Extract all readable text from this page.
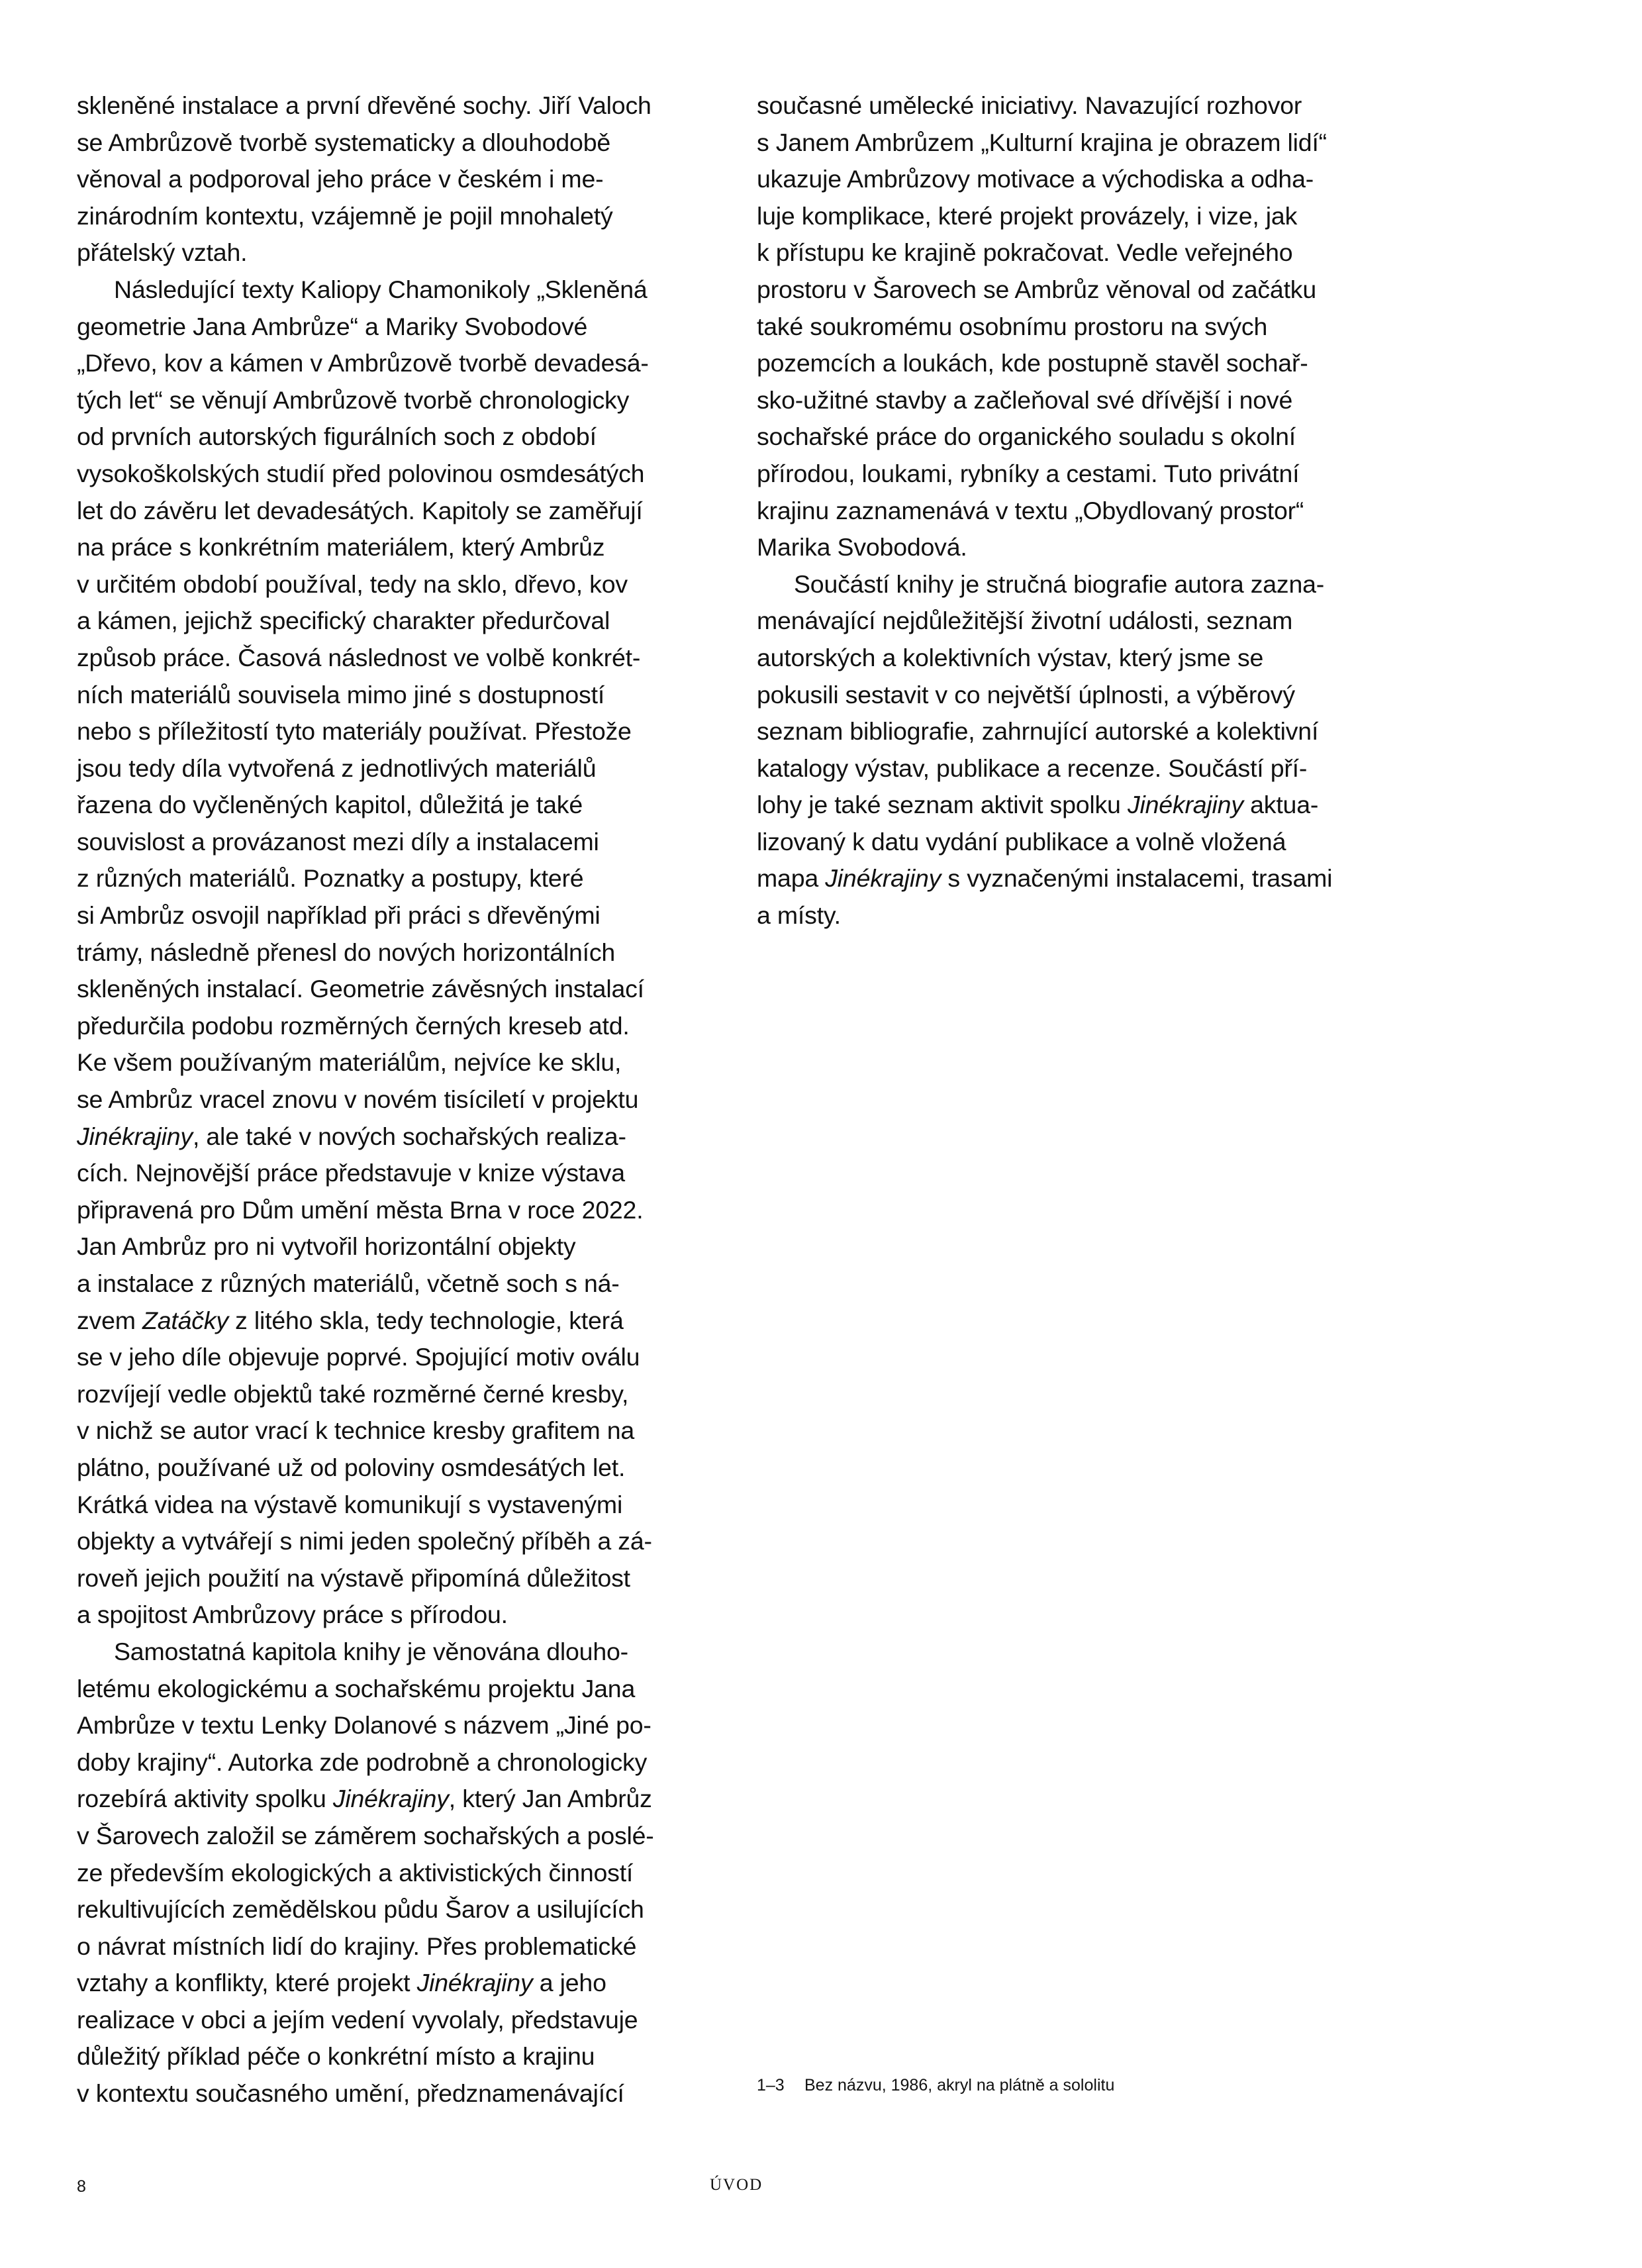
skleněné instalace a první dřevěné sochy. Jiří Valoch
se Ambrůzově tvorbě systematicky a dlouhodobě
věnoval a podporoval jeho práce v českém i me-
zinárodním kontextu, vzájemně je pojil mnohaletý
přátelský vztah.
Následující texty Kaliopy Chamonikoly „Skleněná
geometrie Jana Ambrůze“ a Mariky Svobodové
„Dřevo, kov a kámen v Ambrůzově tvorbě devadesá-
tých let“ se věnují Ambrůzově tvorbě chronologicky
od prvních autorských figurálních soch z období
vysokoškolských studií před polovinou osmdesátých
let do závěru let devadesátých. Kapitoly se zaměřují
na práce s konkrétním materiálem, který Ambrůz
v určitém období používal, tedy na sklo, dřevo, kov
a kámen, jejichž specifický charakter předurčoval
způsob práce. Časová následnost ve volbě konkrét-
ních materiálů souvisela mimo jiné s dostupností
nebo s příležitostí tyto materiály používat. Přestože
jsou tedy díla vytvořená z jednotlivých materiálů
řazena do vyčleněných kapitol, důležitá je také
souvislost a provázanost mezi díly a instalacemi
z různých materiálů. Poznatky a postupy, které
si Ambrůz osvojil například při práci s dřevěnými
trámy, následně přenesl do nových horizontálních
skleněných instalací. Geometrie závěsných instalací
předurčila podobu rozměrných černých kreseb atd.
Ke všem používaným materiálům, nejvíce ke sklu,
se Ambrůz vracel znovu v novém tisíciletí v projektu
Jinékrajiny, ale také v nových sochařských realiza-
cích. Nejnovější práce představuje v knize výstava
připravená pro Dům umění města Brna v roce 2022.
Jan Ambrůz pro ni vytvořil horizontální objekty
a instalace z různých materiálů, včetně soch s ná-
zvem Zatáčky z litého skla, tedy technologie, která
se v jeho díle objevuje poprvé. Spojující motiv oválu
rozvíjejí vedle objektů také rozměrné černé kresby,
v nichž se autor vrací k technice kresby grafitem na
plátno, používané už od poloviny osmdesátých let.
Krátká videa na výstavě komunikují s vystavenými
objekty a vytvářejí s nimi jeden společný příběh a zá-
roveň jejich použití na výstavě připomíná důležitost
a spojitost Ambrůzovy práce s přírodou.
Samostatná kapitola knihy je věnována dlouho-
letému ekologickému a sochařskému projektu Jana
Ambrůze v textu Lenky Dolanové s názvem „Jiné po-
doby krajiny“. Autorka zde podrobně a chronologicky
rozebírá aktivity spolku Jinékrajiny, který Jan Ambrůz
v Šarovech založil se záměrem sochařských a poslé-
ze především ekologických a aktivistických činností
rekultivujících zemědělskou půdu Šarov a usilujících
o návrat místních lidí do krajiny. Přes problematické
vztahy a konflikty, které projekt Jinékrajiny a jeho
realizace v obci a jejím vedení vyvolaly, představuje
důležitý příklad péče o konkrétní místo a krajinu
v kontextu současného umění, předznamenávající
současné umělecké iniciativy. Navazující rozhovor
s Janem Ambrůzem „Kulturní krajina je obrazem lidí“
ukazuje Ambrůzovy motivace a východiska a odha-
luje komplikace, které projekt provázely, i vize, jak
k přístupu ke krajině pokračovat. Vedle veřejného
prostoru v Šarovech se Ambrůz věnoval od začátku
také soukromému osobnímu prostoru na svých
pozemcích a loukách, kde postupně stavěl sochař-
sko-užitné stavby a začleňoval své dřívější i nové
sochařské práce do organického souladu s okolní
přírodou, loukami, rybníky a cestami. Tuto privátní
krajinu zaznamenává v textu „Obydlovaný prostor“
Marika Svobodová.
Součástí knihy je stručná biografie autora zazna-
menávající nejdůležitější životní události, seznam
autorských a kolektivních výstav, který jsme se
pokusili sestavit v co největší úplnosti, a výběrový
seznam bibliografie, zahrnující autorské a kolektivní
katalogy výstav, publikace a recenze. Součástí pří-
lohy je také seznam aktivit spolku Jinékrajiny aktua-
lizovaný k datu vydání publikace a volně vložená
mapa Jinékrajiny s vyznačenými instalacemi, trasami
a místy.
1–3 Bez názvu, 1986, akryl na plátně a sololitu
8	ÚVOD
